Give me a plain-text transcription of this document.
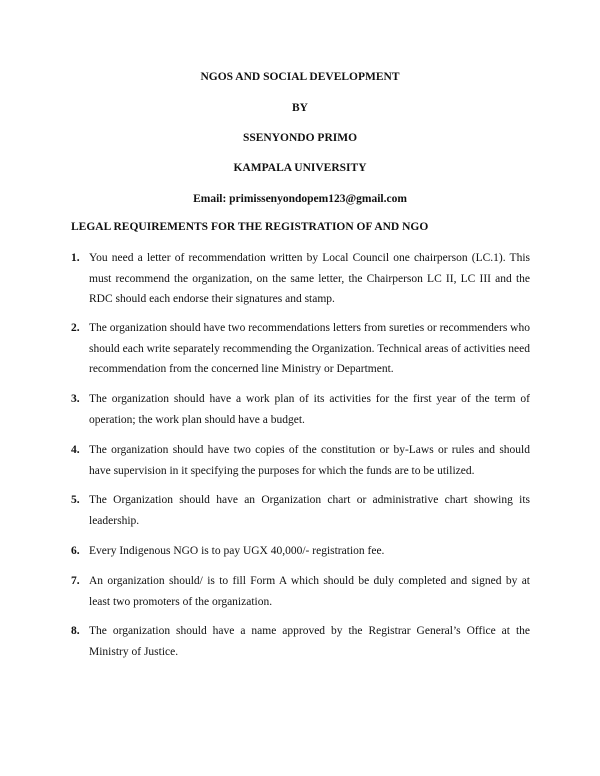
NGOS AND SOCIAL DEVELOPMENT
BY
SSENYONDO PRIMO
KAMPALA UNIVERSITY
Email: primissenyondopem123@gmail.com
LEGAL REQUIREMENTS FOR THE REGISTRATION OF AND NGO
1. You need a letter of recommendation written by Local Council one chairperson (LC.1). This must recommend the organization, on the same letter, the Chairperson LC II, LC III and the RDC should each endorse their signatures and stamp.
2. The organization should have two recommendations letters from sureties or recommenders who should each write separately recommending the Organization. Technical areas of activities need recommendation from the concerned line Ministry or Department.
3. The organization should have a work plan of its activities for the first year of the term of operation; the work plan should have a budget.
4. The organization should have two copies of the constitution or by-Laws or rules and should have supervision in it specifying the purposes for which the funds are to be utilized.
5. The Organization should have an Organization chart or administrative chart showing its leadership.
6. Every Indigenous NGO is to pay UGX 40,000/- registration fee.
7. An organization should/ is to fill Form A which should be duly completed and signed by at least two promoters of the organization.
8. The organization should have a name approved by the Registrar General’s Office at the Ministry of Justice.
